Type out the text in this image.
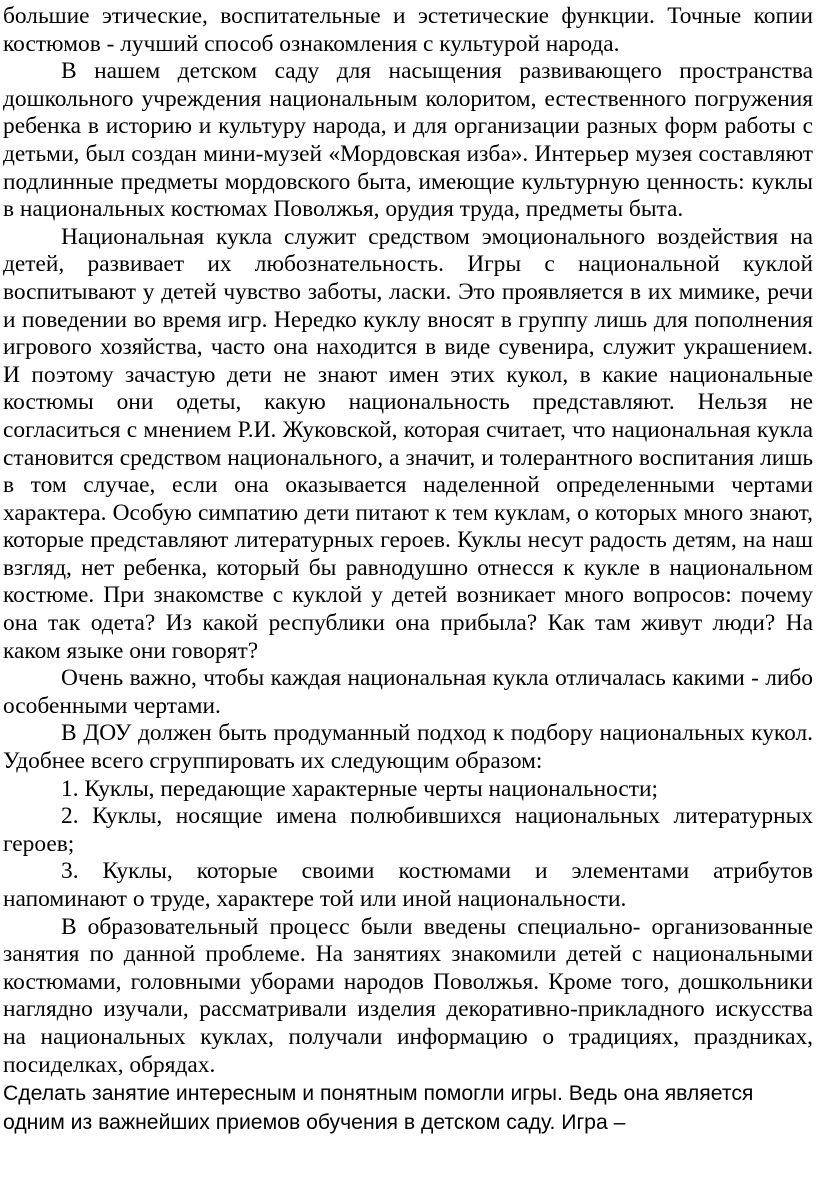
большие этические, воспитательные и эстетические функции. Точные копии костюмов - лучший способ ознакомления с культурой народа.

В нашем детском саду для насыщения развивающего пространства дошкольного учреждения национальным колоритом, естественного погружения ребенка в историю и культуру народа, и для организации разных форм работы с детьми, был создан мини-музей «Мордовская изба». Интерьер музея составляют подлинные предметы мордовского быта, имеющие культурную ценность: куклы в национальных костюмах Поволжья, орудия труда, предметы быта.

Национальная кукла служит средством эмоционального воздействия на детей, развивает их любознательность. Игры с национальной куклой воспитывают у детей чувство заботы, ласки. Это проявляется в их мимике, речи и поведении во время игр. Нередко куклу вносят в группу лишь для пополнения игрового хозяйства, часто она находится в виде сувенира, служит украшением. И поэтому зачастую дети не знают имен этих кукол, в какие национальные костюмы они одеты, какую национальность представляют. Нельзя не согласиться с мнением Р.И. Жуковской, которая считает, что национальная кукла становится средством национального, а значит, и толерантного воспитания лишь в том случае, если она оказывается наделенной определенными чертами характера. Особую симпатию дети питают к тем куклам, о которых много знают, которые представляют литературных героев. Куклы несут радость детям, на наш взгляд, нет ребенка, который бы равнодушно отнесся к кукле в национальном костюме. При знакомстве с куклой у детей возникает много вопросов: почему она так одета? Из какой республики она прибыла? Как там живут люди? На каком языке они говорят?

Очень важно, чтобы каждая национальная кукла отличалась какими - либо особенными чертами.

В ДОУ должен быть продуманный подход к подбору национальных кукол. Удобнее всего сгруппировать их следующим образом:

1. Куклы, передающие характерные черты национальности;

2. Куклы, носящие имена полюбившихся национальных литературных героев;

3. Куклы, которые своими костюмами и элементами атрибутов напоминают о труде, характере той или иной национальности.

В образовательный процесс были введены специально- организованные занятия по данной проблеме. На занятиях знакомили детей с национальными костюмами, головными уборами народов Поволжья. Кроме того, дошкольники наглядно изучали, рассматривали изделия декоративно-прикладного искусства на национальных куклах, получали информацию о традициях, праздниках, посиделках, обрядах.

Сделать занятие интересным и понятным помогли игры. Ведь она является одним из важнейших приемов обучения в детском саду. Игра –
